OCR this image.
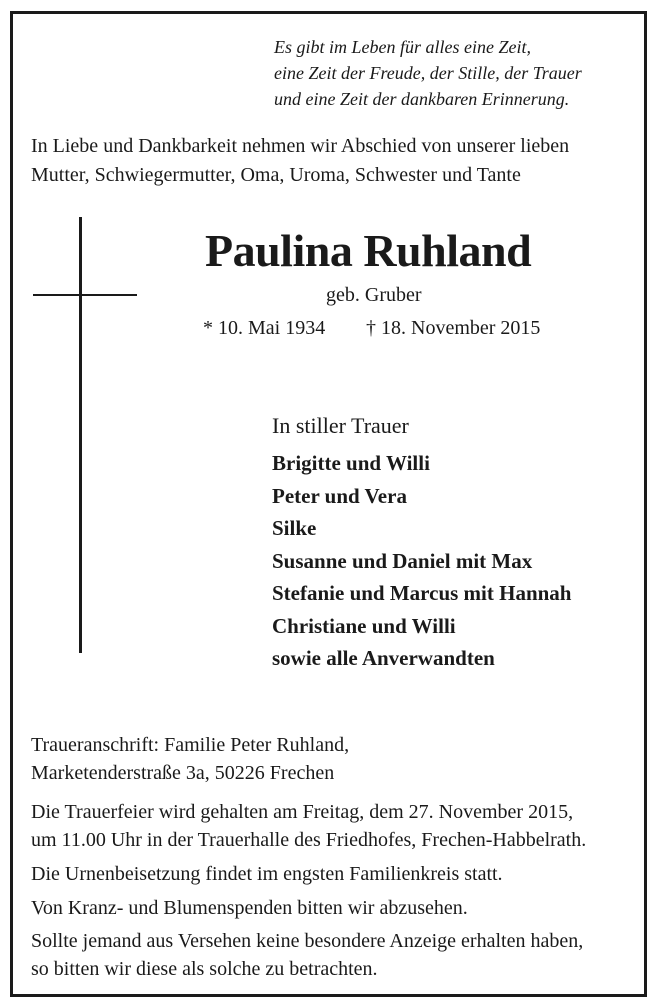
Es gibt im Leben für alles eine Zeit,
eine Zeit der Freude, der Stille, der Trauer
und eine Zeit der dankbaren Erinnerung.
In Liebe und Dankbarkeit nehmen wir Abschied von unserer lieben
Mutter, Schwiegermutter, Oma, Uroma, Schwester und Tante
Paulina Ruhland
geb. Gruber
* 10. Mai 1934 † 18. November 2015
In stiller Trauer
Brigitte und Willi
Peter und Vera
Silke
Susanne und Daniel mit Max
Stefanie und Marcus mit Hannah
Christiane und Willi
sowie alle Anverwandten
Traueranschrift: Familie Peter Ruhland,
Marketenderstraße 3a, 50226 Frechen
Die Trauerfeier wird gehalten am Freitag, dem 27. November 2015,
um 11.00 Uhr in der Trauerhalle des Friedhofes, Frechen-Habbelrath.
Die Urnenbeisetzung findet im engsten Familienkreis statt.
Von Kranz- und Blumenspenden bitten wir abzusehen.
Sollte jemand aus Versehen keine besondere Anzeige erhalten haben,
so bitten wir diese als solche zu betrachten.
